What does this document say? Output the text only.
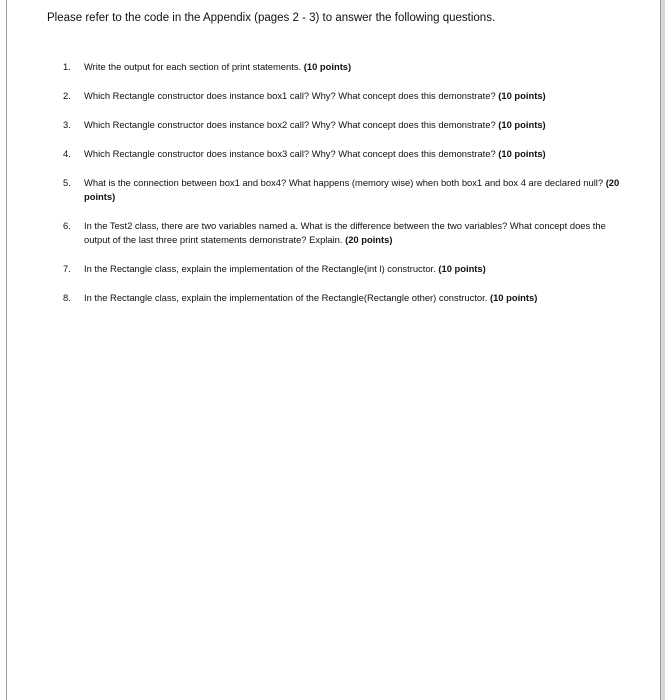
Please refer to the code in the Appendix (pages 2 - 3) to answer the following questions.
1.	Write the output for each section of print statements. (10 points)
2.	Which Rectangle constructor does instance box1 call? Why? What concept does this demonstrate? (10 points)
3.	Which Rectangle constructor does instance box2 call? Why? What concept does this demonstrate? (10 points)
4.	Which Rectangle constructor does instance box3 call? Why? What concept does this demonstrate? (10 points)
5.	What is the connection between box1 and box4? What happens (memory wise) when both box1 and box 4 are declared null? (20 points)
6.	In the Test2 class, there are two variables named a. What is the difference between the two variables? What concept does the output of the last three print statements demonstrate? Explain. (20 points)
7.	In the Rectangle class, explain the implementation of the Rectangle(int l) constructor. (10 points)
8.	In the Rectangle class, explain the implementation of the Rectangle(Rectangle other) constructor. (10 points)
